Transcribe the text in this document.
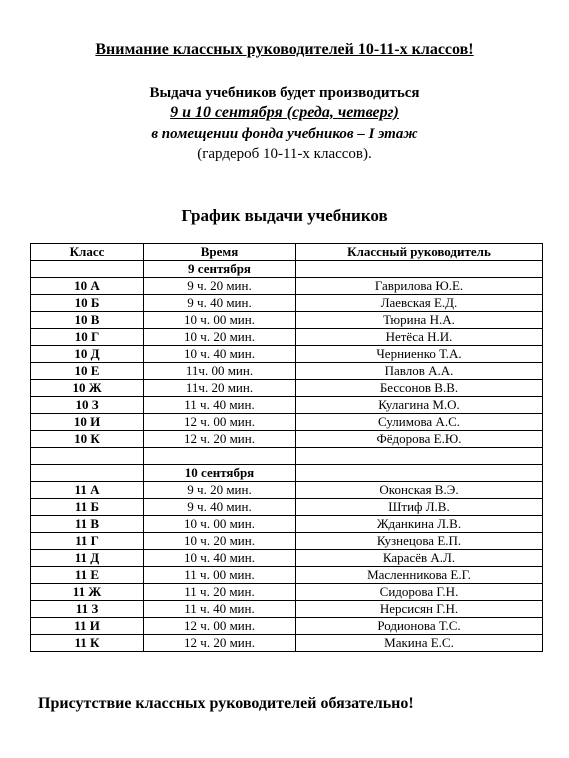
Внимание классных руководителей 10-11-х классов!
Выдача учебников будет производиться
9 и 10 сентября (среда, четверг)
в помещении фонда учебников – I этаж
(гардероб 10-11-х классов).
График выдачи учебников
Класс	Время	Классный руководитель
	9 сентября	
10 А	9 ч. 20 мин.	Гаврилова Ю.Е.
10 Б	9 ч. 40 мин.	Лаевская Е.Д.
10 В	10 ч. 00 мин.	Тюрина Н.А.
10 Г	10 ч. 20 мин.	Нетёса Н.И.
10 Д	10 ч. 40 мин.	Черниенко Т.А.
10 Е	11ч. 00 мин.	Павлов А.А.
10 Ж	11ч. 20 мин.	Бессонов В.В.
10 З	11 ч. 40 мин.	Кулагина М.О.
10 И	12 ч. 00 мин.	Сулимова А.С.
10 К	12 ч. 20 мин.	Фёдорова Е.Ю.

	10 сентября	
11 А	9 ч. 20 мин.	Оконская В.Э.
11 Б	9 ч. 40 мин.	Штиф Л.В.
11 В	10 ч. 00 мин.	Жданкина Л.В.
11 Г	10 ч. 20 мин.	Кузнецова Е.П.
11 Д	10 ч. 40 мин.	Карасёв А.Л.
11 Е	11 ч. 00 мин.	Масленникова Е.Г.
11 Ж	11 ч. 20 мин.	Сидорова Г.Н.
11 З	11 ч. 40 мин.	Нерсисян Г.Н.
11 И	12 ч. 00 мин.	Родионова Т.С.
11 К	12 ч. 20 мин.	Макина Е.С.
Присутствие классных руководителей обязательно!
